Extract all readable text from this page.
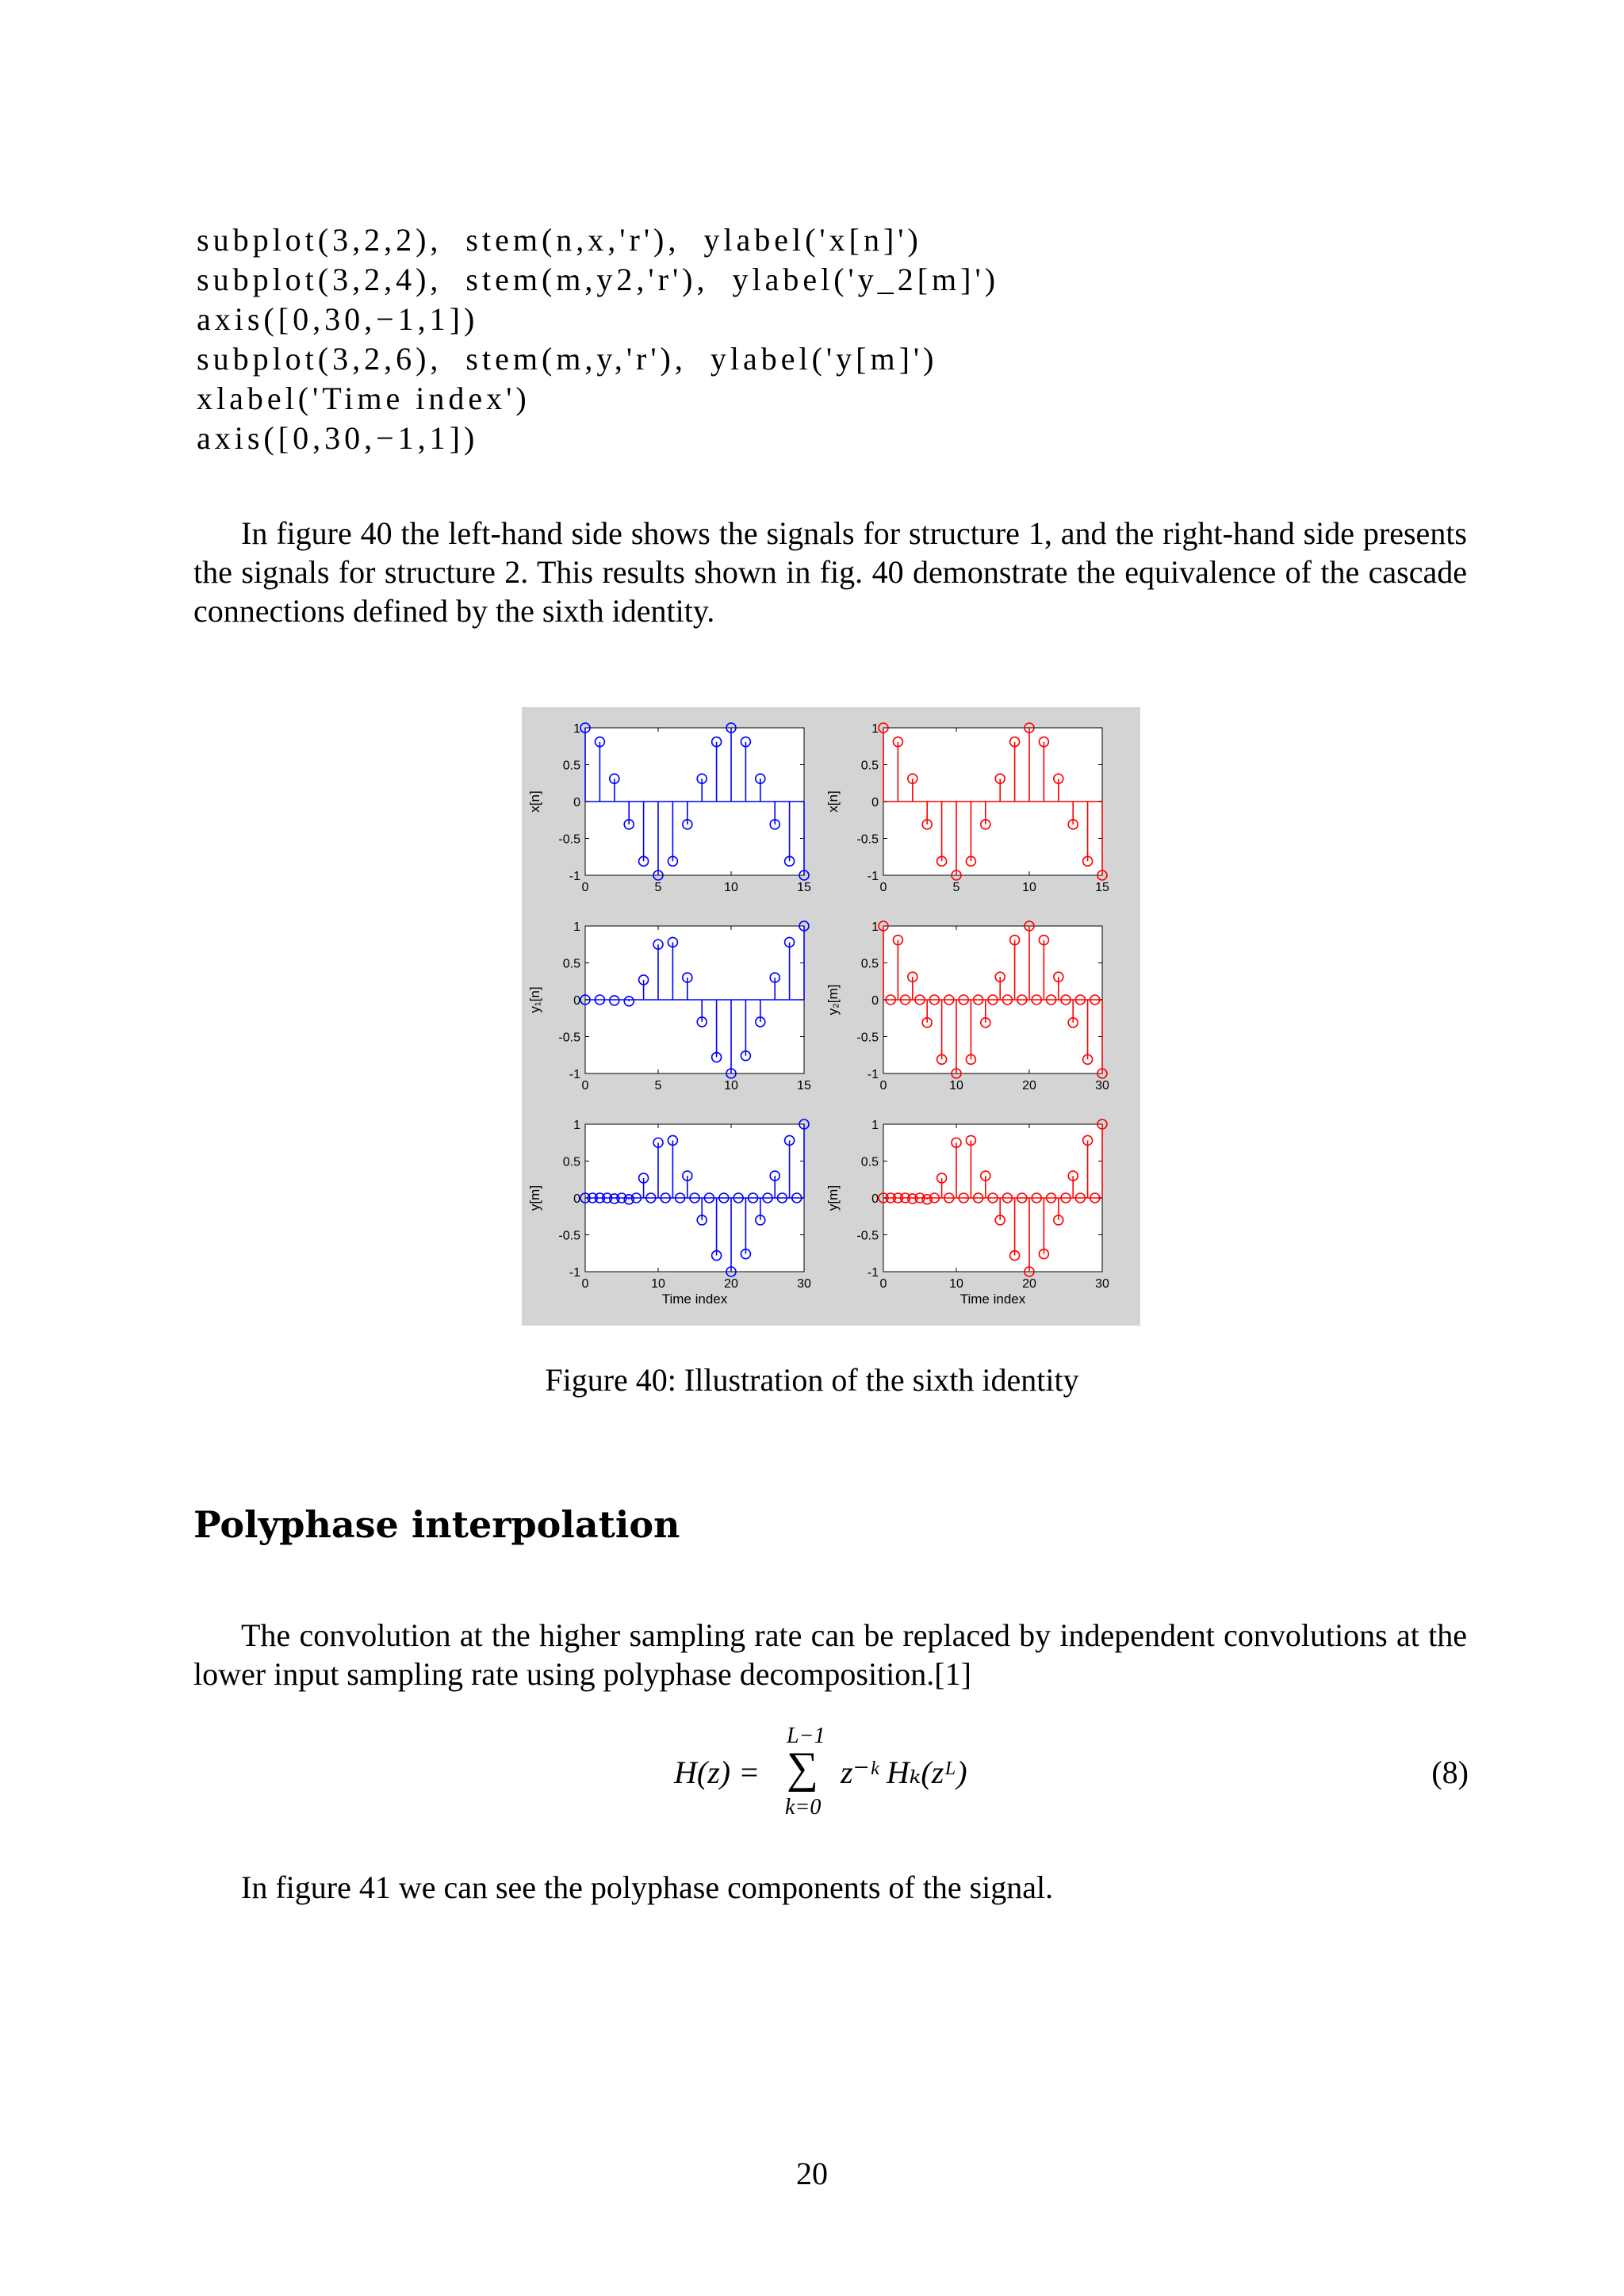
subplot(3,2,2),  stem(n,x,'r'),  ylabel('x[n]')
subplot(3,2,4),  stem(m,y2,'r'),  ylabel('y_2[m]')
axis([0,30,−1,1])
subplot(3,2,6),  stem(m,y,'r'),  ylabel('y[m]')
xlabel('Time index')
axis([0,30,−1,1])

In figure 40 the left-hand side shows the signals for structure 1, and the right-hand side presents the signals for structure 2. This results shown in fig. 40 demonstrate the equivalence of the cascade connections defined by the sixth identity.

1
0.5
0
-0.5
-1
0	5	10	15
x[n]
1
0.5
0
-0.5
-1
0	5	10	15
x[n]
1
0.5
0
-0.5
-1
0	5	10	15
y₁[n]
1
0.5
0
-0.5
-1
0	10	20	30
y₂[m]
1
0.5
0
-0.5
-1
0	10	20	30
y[m]
Time index
1
0.5
0
-0.5
-1
0	10	20	30
y[m]
Time index
Figure 40: Illustration of the sixth identity
Polyphase interpolation

The convolution at the higher sampling rate can be replaced by independent convolutions at the lower input sampling rate using polyphase decomposition.[1]

H(z) =
L−1
∑
k=0
z⁻ᵏ Hₖ(zᴸ)	(8)

In figure 41 we can see the polyphase components of the signal.

20
